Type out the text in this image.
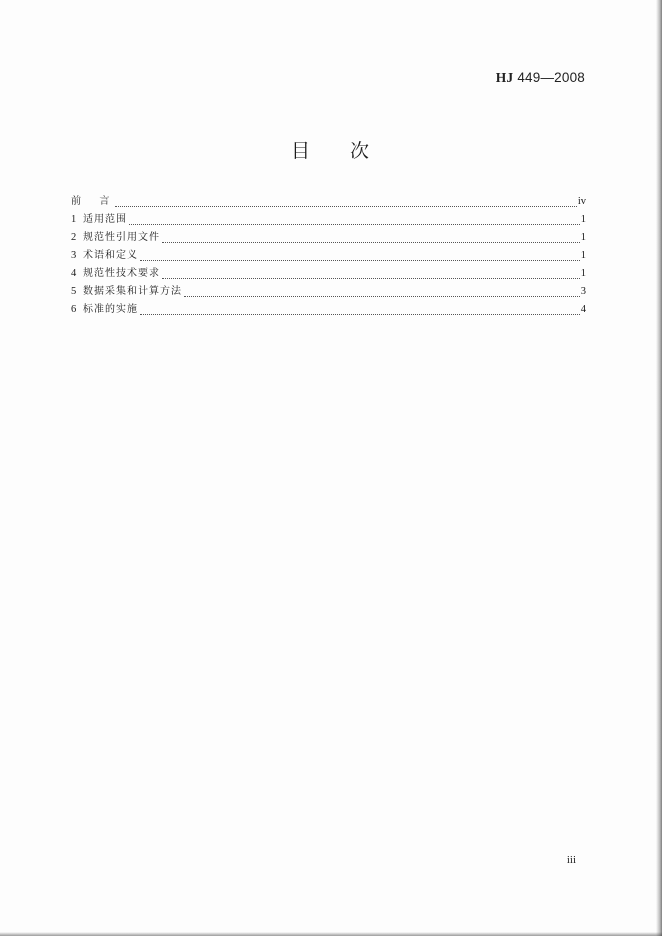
HJ 449—2008
目 次
前  言	iv
1 适用范围	1
2 规范性引用文件	1
3 术语和定义	1
4 规范性技术要求	1
5 数据采集和计算方法	3
6 标准的实施	4
iii
